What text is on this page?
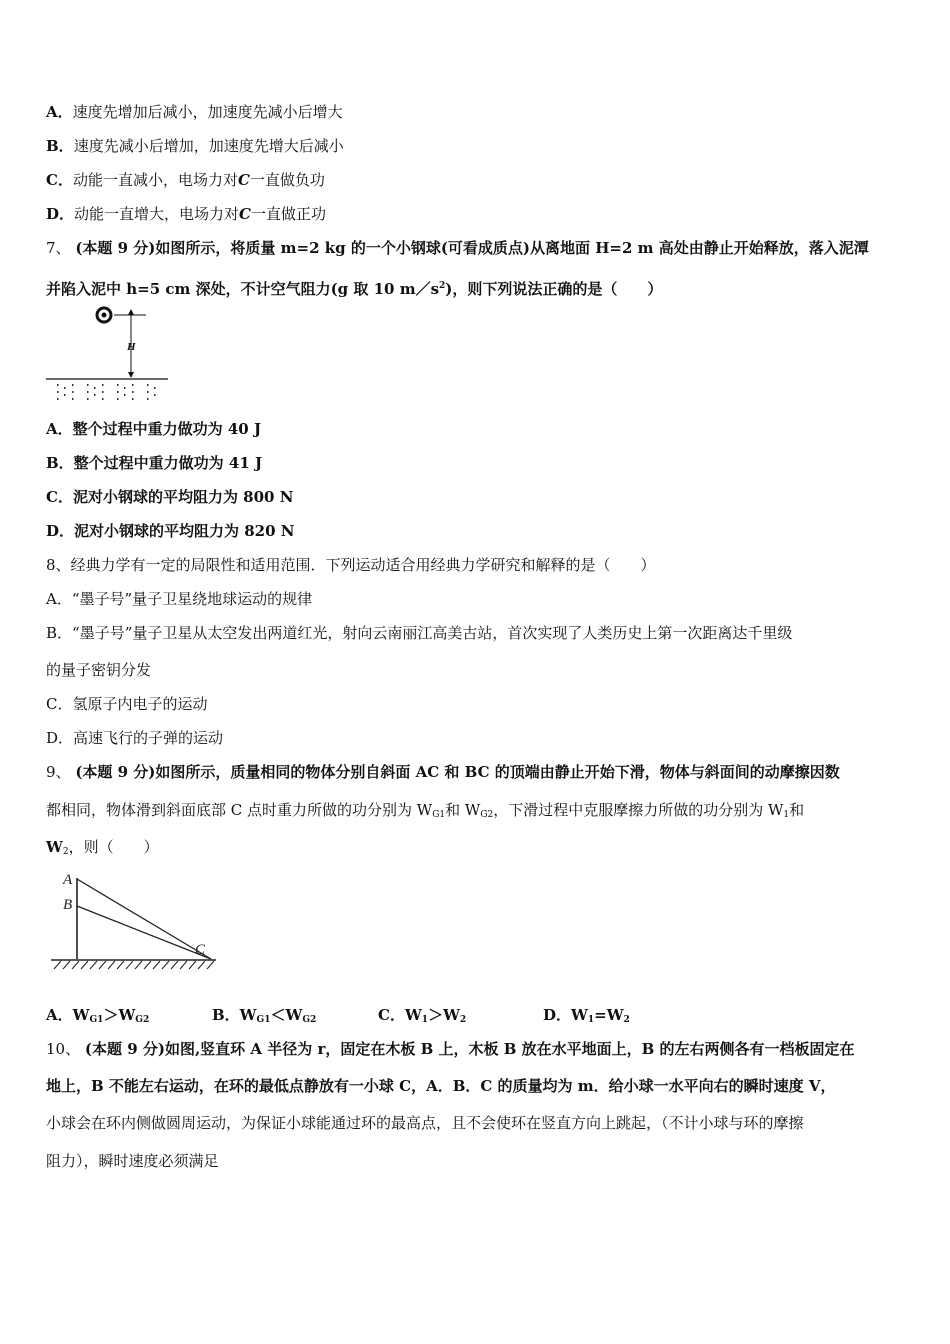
A．速度先增加后减小，加速度先减小后增大
B．速度先减小后增加，加速度先增大后减小
C．动能一直减小，电场力对C一直做负功
D．动能一直增大，电场力对C一直做正功
7、 (本题 9 分)如图所示，将质量 m=2 kg 的一个小钢球(可看成质点)从离地面 H=2 m 高处由静止开始释放，落入泥潭
并陷入泥中 h=5 cm 深处，不计空气阻力(g 取 10 $m/s^2$)，则下列说法正确的是（　　）
H
A．整个过程中重力做功为 40 J
B．整个过程中重力做功为 41 J
C．泥对小钢球的平均阻力为 800 N
D．泥对小钢球的平均阻力为 820 N
8、经典力学有一定的局限性和适用范围．下列运动适合用经典力学研究和解释的是（　　）
A．“墨子号”量子卫星绕地球运动的规律
B．“墨子号”量子卫星从太空发出两道红光，射向云南丽江高美古站，首次实现了人类历史上第一次距离达千里级
的量子密钥分发
C．氢原子内电子的运动
D．高速飞行的子弹的运动
9、 (本题 9 分)如图所示，质量相同的物体分别自斜面 AC 和 BC 的顶端由静止开始下滑，物体与斜面间的动摩擦因数
都相同，物体滑到斜面底部 C 点时重力所做的功分别为 $W_{G1}$和 $W_{G2}$，下滑过程中克服摩擦力所做的功分别为 $W_1$和
$W_2$，则（　　）
A
B
C
A．$W_{G1}>W_{G2}$	B．$W_{G1}<W_{G2}$	C．$W_1>W_2$	D．$W_1=W_2$
10、 (本题 9 分)如图,竖直环 A 半径为 r，固定在木板 B 上，木板 B 放在水平地面上，B 的左右两侧各有一档板固定在
地上，B 不能左右运动，在环的最低点静放有一小球 C，A．B．C 的质量均为 m．给小球一水平向右的瞬时速度 V，
小球会在环内侧做圆周运动，为保证小球能通过环的最高点，且不会使环在竖直方向上跳起，（不计小球与环的摩擦
阻力），瞬时速度必须满足
